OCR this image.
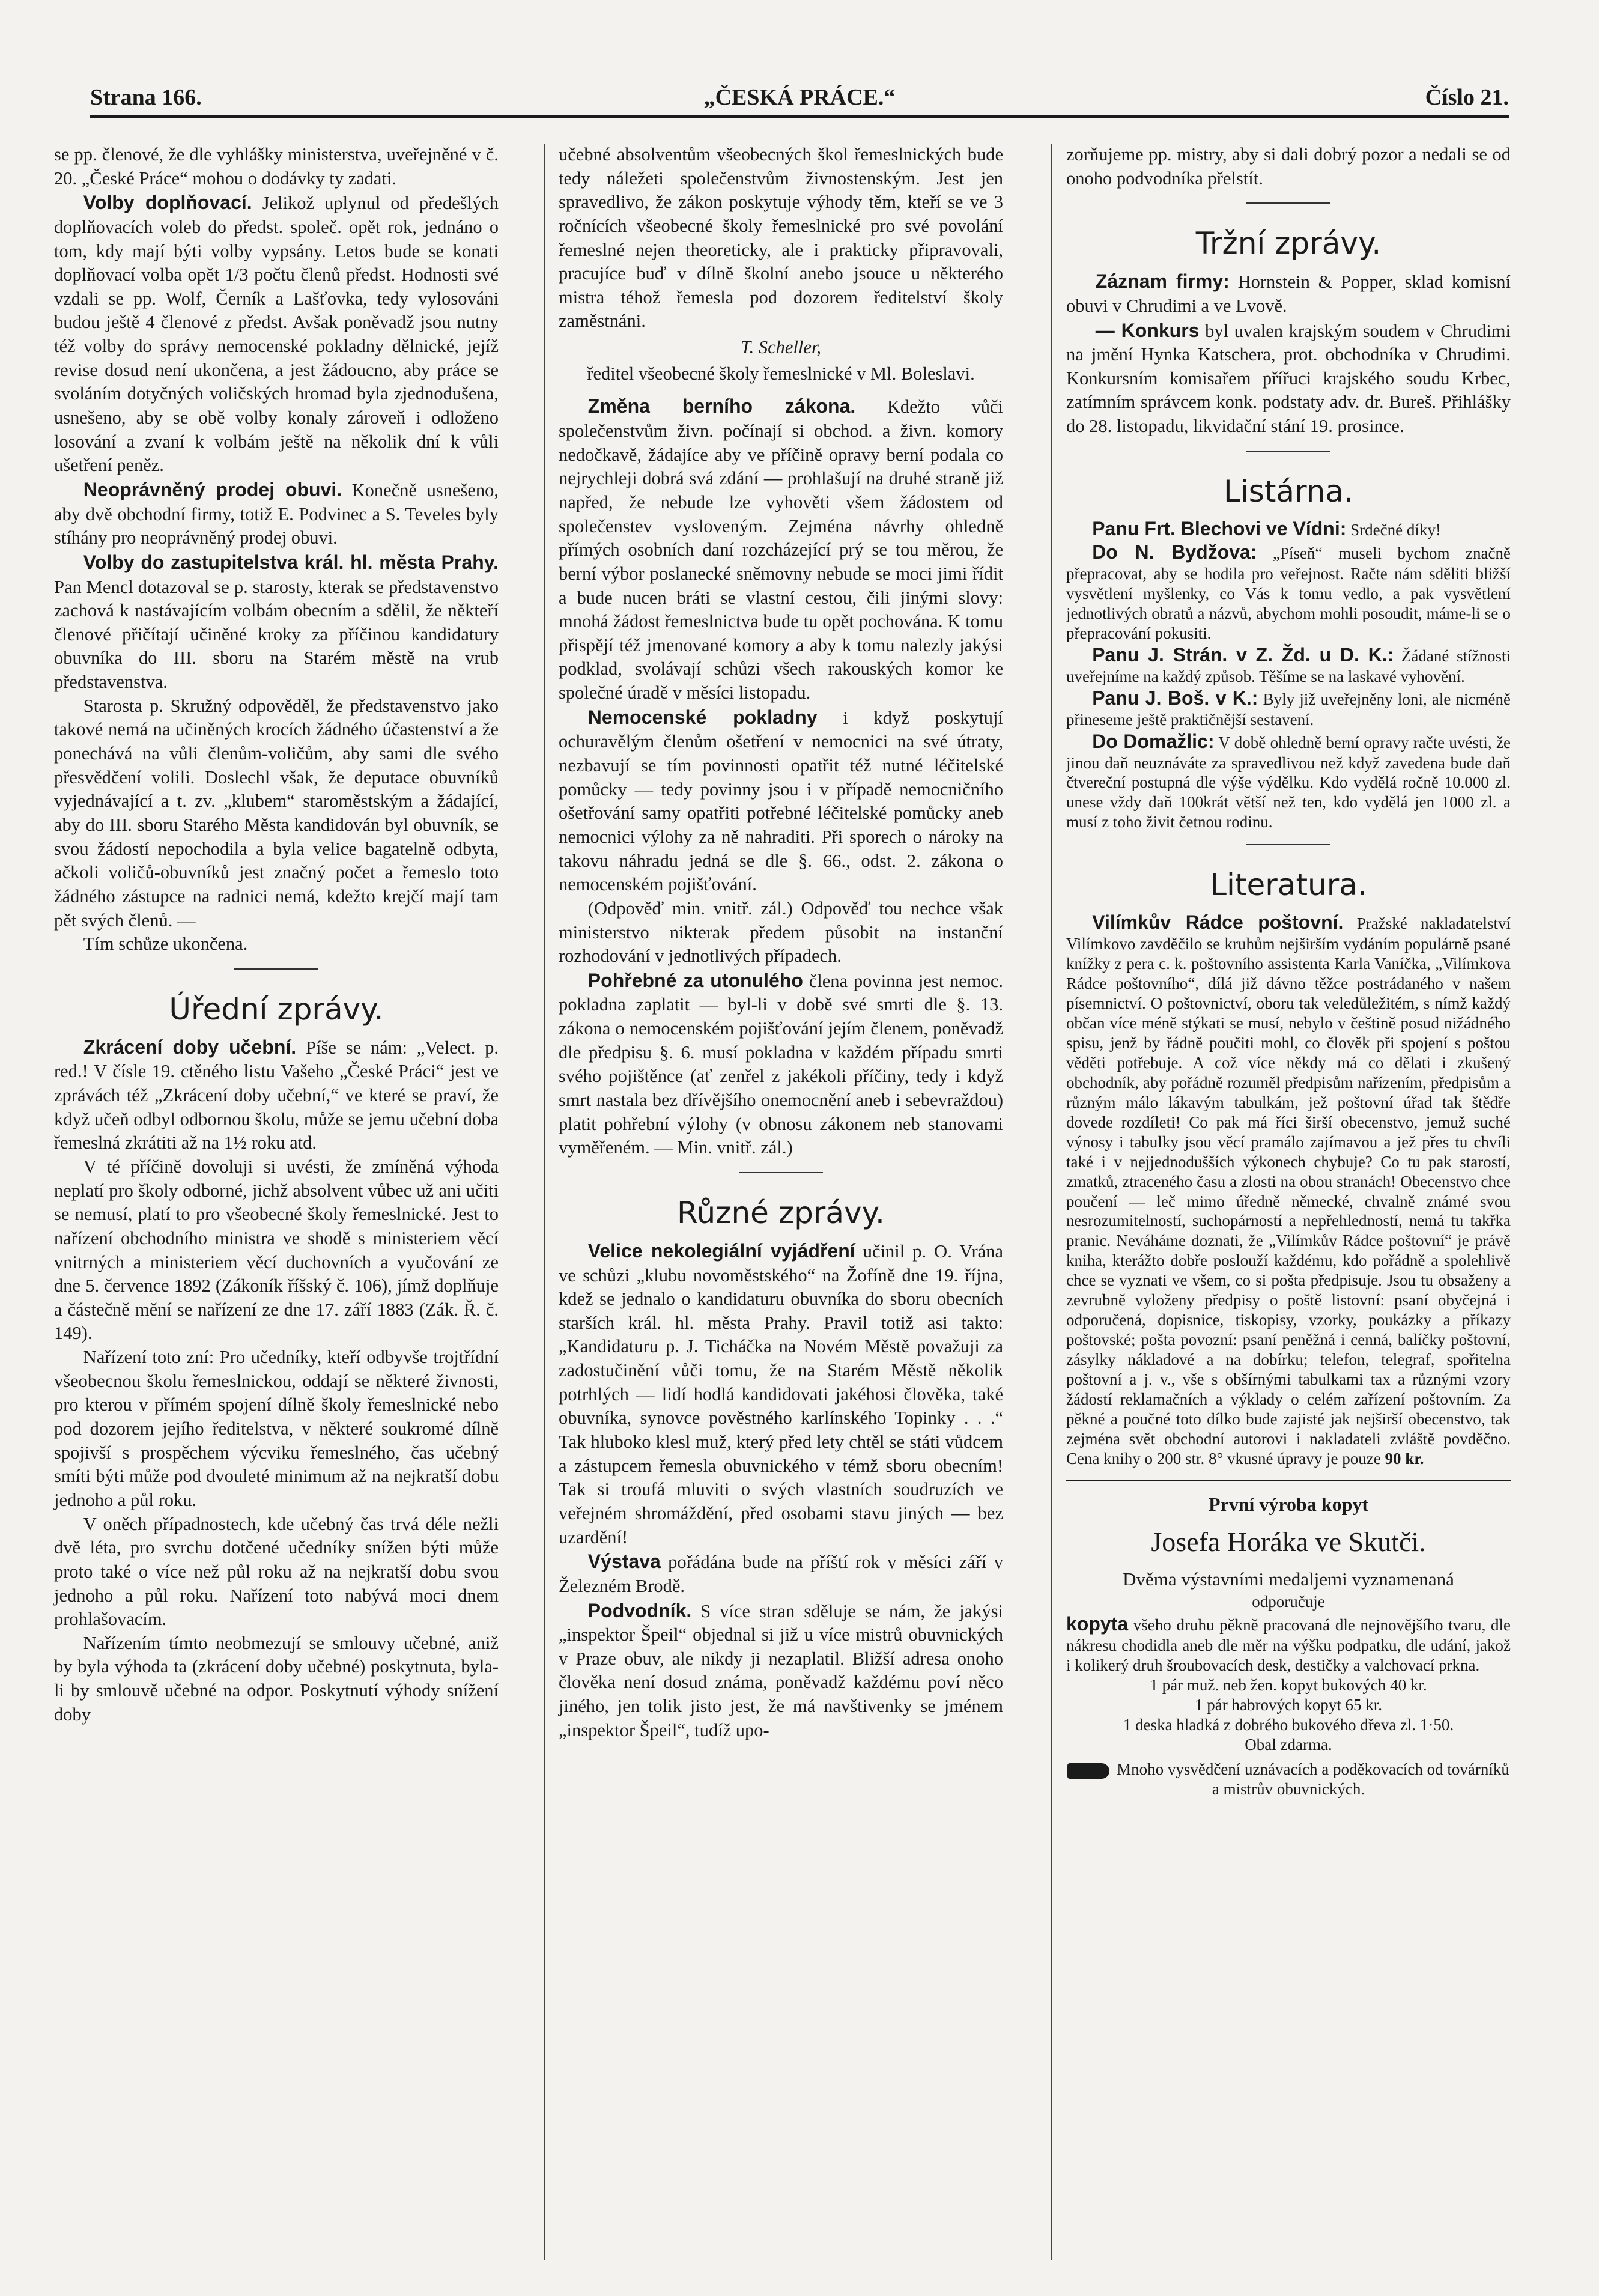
Strana 166.	„ČESKÁ PRÁCE.“	Číslo 21.

se pp. členové, že dle vyhlášky ministerstva, uveřejněné v č. 20. „České Práce“ mohou o dodávky ty zadati.

Volby doplňovací. Jelikož uplynul od předešlých doplňovacích voleb do předst. společ. opět rok, jednáno o tom, kdy mají býti volby vypsány. Letos bude se konati doplňovací volba opět 1/3 počtu členů předst. Hodnosti své vzdali se pp. Wolf, Černík a Lašťovka, tedy vylosováni budou ještě 4 členové z předst. Avšak poněvadž jsou nutny též volby do správy nemocenské pokladny dělnické, jejíž revise dosud není ukončena, a jest žádoucno, aby práce se svoláním dotyčných voličských hromad byla zjednodušena, usnešeno, aby se obě volby konaly zároveň i odloženo losování a zvaní k volbám ještě na několik dní k vůli ušetření peněz.

Neoprávněný prodej obuvi. Konečně usnešeno, aby dvě obchodní firmy, totiž E. Podvinec a S. Teveles byly stíhány pro neoprávněný prodej obuvi.

Volby do zastupitelstva král. hl. města Prahy. Pan Mencl dotazoval se p. starosty, kterak se představenstvo zachová k nastávajícím volbám obecním a sdělil, že někteří členové přičítají učiněné kroky za příčinou kandidatury obuvníka do III. sboru na Starém městě na vrub představenstva.

Starosta p. Skružný odpověděl, že představenstvo jako takové nemá na učiněných krocích žádného účastenství a že ponechává na vůli členům-voličům, aby sami dle svého přesvědčení volili. Doslechl však, že deputace obuvníků vyjednávající a t. zv. „klubem“ staroměstským a žádající, aby do III. sboru Starého Města kandidován byl obuvník, se svou žádostí nepochodila a byla velice bagatelně odbyta, ačkoli voličů-obuvníků jest značný počet a řemeslo toto žádného zástupce na radnici nemá, kdežto krejčí mají tam pět svých členů. —

Tím schůze ukončena.

Úřední zprávy.

Zkrácení doby učební. Píše se nám: „Velect. p. red.! V čísle 19. ctěného listu Vašeho „České Práci“ jest ve zprávách též „Zkrácení doby učební,“ ve které se praví, že když učeň odbyl odbornou školu, může se jemu učební doba řemeslná zkrátiti až na 1½ roku atd.

V té příčině dovoluji si uvésti, že zmíněná výhoda neplatí pro školy odborné, jichž absolvent vůbec už ani učiti se nemusí, platí to pro všeobecné školy řemeslnické. Jest to nařízení obchodního ministra ve shodě s ministeriem věcí vnitrných a ministeriem věcí duchovních a vyučování ze dne 5. července 1892 (Zákoník říšský č. 106), jímž doplňuje a částečně mění se nařízení ze dne 17. září 1883 (Zák. Ř. č. 149).

Nařízení toto zní: Pro učedníky, kteří odbyvše trojtřídní všeobecnou školu řemeslnickou, oddají se některé živnosti, pro kterou v přímém spojení dílně školy řemeslnické nebo pod dozorem jejího ředitelstva, v některé soukromé dílně spojivší s prospěchem výcviku řemeslného, čas učebný smíti býti může pod dvouleté minimum až na nejkratší dobu jednoho a půl roku.

V oněch případnostech, kde učebný čas trvá déle nežli dvě léta, pro svrchu dotčené učedníky snížen býti může proto také o více než půl roku až na nejkratší dobu svou jednoho a půl roku. Nařízení toto nabývá moci dnem prohlašovacím.

Nařízením tímto neobmezují se smlouvy učebné, aniž by byla výhoda ta (zkrácení doby učebné) poskytnuta, byla-li by smlouvě učebné na odpor. Poskytnutí výhody snížení doby

učebné absolventům všeobecných škol řemeslnických bude tedy náležeti společenstvům živnostenským. Jest jen spravedlivo, že zákon poskytuje výhody těm, kteří se ve 3 ročnících všeobecné školy řemeslnické pro své povolání řemeslné nejen theoreticky, ale i prakticky připravovali, pracujíce buď v dílně školní anebo jsouce u některého mistra téhož řemesla pod dozorem ředitelství školy zaměstnáni.

T. Scheller,
ředitel všeobecné školy řemeslnické v Ml. Boleslavi.

Změna berního zákona. Kdežto vůči společenstvům živn. počínají si obchod. a živn. komory nedočkavě, žádajíce aby ve příčině opravy berní podala co nejrychleji dobrá svá zdání — prohlašují na druhé straně již napřed, že nebude lze vyhověti všem žádostem od společenstev vysloveným. Zejména návrhy ohledně přímých osobních daní rozcházející prý se tou měrou, že berní výbor poslanecké sněmovny nebude se moci jimi řídit a bude nucen bráti se vlastní cestou, čili jinými slovy: mnohá žádost řemeslnictva bude tu opět pochována. K tomu přispějí též jmenované komory a aby k tomu nalezly jakýsi podklad, svolávají schůzi všech rakouských komor ke společné úradě v měsíci listopadu.

Nemocenské pokladny i když poskytují ochuravělým členům ošetření v nemocnici na své útraty, nezbavují se tím povinnosti opatřit též nutné léčitelské pomůcky — tedy povinny jsou i v případě nemocničního ošetřování samy opatřiti potřebné léčitelské pomůcky aneb nemocnici výlohy za ně nahraditi. Při sporech o nároky na takovu náhradu jedná se dle §. 66., odst. 2. zákona o nemocenském pojišťování.

(Odpověď min. vnitř. zál.) Odpověď tou nechce však ministerstvo nikterak předem působit na instanční rozhodování v jednotlivých případech.

Pohřebné za utonulého člena povinna jest nemoc. pokladna zaplatit — byl-li v době své smrti dle §. 13. zákona o nemocenském pojišťování jejím členem, poněvadž dle předpisu §. 6. musí pokladna v každém případu smrti svého pojištěnce (ať zenřel z jakékoli příčiny, tedy i když smrt nastala bez dřívějšího onemocnění aneb i sebevraždou) platit pohřební výlohy (v obnosu zákonem neb stanovami vyměřeném. — Min. vnitř. zál.)

Různé zprávy.

Velice nekolegiální vyjádření učinil p. O. Vrána ve schůzi „klubu novoměstského“ na Žofíně dne 19. října, kdež se jednalo o kandidaturu obuvníka do sboru obecních starších král. hl. města Prahy. Pravil totiž asi takto: „Kandidaturu p. J. Ticháčka na Novém Městě považuji za zadostučinění vůči tomu, že na Starém Městě několik potrhlých — lidí hodlá kandidovati jakéhosi člověka, také obuvníka, synovce pověstného karlínského Topinky . . .“ Tak hluboko klesl muž, který před lety chtěl se státi vůdcem a zástupcem řemesla obuvnického v témž sboru obecním! Tak si troufá mluviti o svých vlastních soudruzích ve veřejném shromáždění, před osobami stavu jiných — bez uzardění!

Výstava pořádána bude na příští rok v měsíci září v Železném Brodě.

Podvodník. S více stran sděluje se nám, že jakýsi „inspektor Špeil“ objednal si již u více mistrů obuvnických v Praze obuv, ale nikdy ji nezaplatil. Bližší adresa onoho člověka není dosud známa, poněvadž každému poví něco jiného, jen tolik jisto jest, že má navštivenky se jménem „inspektor Špeil“, tudíž upo-

zorňujeme pp. mistry, aby si dali dobrý pozor a nedali se od onoho podvodníka přelstít.

Tržní zprávy.

Záznam firmy: Hornstein & Popper, sklad komisní obuvi v Chrudimi a ve Lvově.

— Konkurs byl uvalen krajským soudem v Chrudimi na jmění Hynka Katschera, prot. obchodníka v Chrudimi. Konkursním komisařem přířuci krajského soudu Krbec, zatímním správcem konk. podstaty adv. dr. Bureš. Přihlášky do 28. listopadu, likvidační stání 19. prosince.

Listárna.

Panu Frt. Blechovi ve Vídni: Srdečné díky!

Do N. Bydžova: „Píseň“ museli bychom značně přepracovat, aby se hodila pro veřejnost. Račte nám sděliti bližší vysvětlení myšlenky, co Vás k tomu vedlo, a pak vysvětlení jednotlivých obratů a názvů, abychom mohli posoudit, máme-li se o přepracování pokusiti.

Panu J. Strán. v Z. Žd. u D. K.: Žádané stížnosti uveřejníme na každý způsob. Těšíme se na laskavé vyhovění.

Panu J. Boš. v K.: Byly již uveřejněny loni, ale nicméně přineseme ještě praktičnější sestavení.

Do Domažlic: V době ohledně berní opravy račte uvésti, že jinou daň neuznáváte za spravedlivou než když zavedena bude daň čtvereční postupná dle výše výdělku. Kdo vydělá ročně 10.000 zl. unese vždy daň 100krát větší než ten, kdo vydělá jen 1000 zl. a musí z toho živit četnou rodinu.

Literatura.

Vilímkův Rádce poštovní. Pražské nakladatelství Vilímkovo zavděčilo se kruhům nejširším vydáním populárně psané knížky z pera c. k. poštovního assistenta Karla Vaníčka, „Vilímkova Rádce poštovního“, dílá již dávno těžce postrádaného v našem písemnictví. O poštovnictví, oboru tak veledůležitém, s nímž každý občan více méně stýkati se musí, nebylo v češtině posud nižádného spisu, jenž by řádně poučiti mohl, co člověk při spojení s poštou věděti potřebuje. A což více někdy má co dělati i zkušený obchodník, aby pořádně rozuměl předpisům nařízením, předpisům a různým málo lákavým tabulkám, jež poštovní úřad tak štědře dovede rozdíleti! Co pak má říci širší obecenstvo, jemuž suché výnosy i tabulky jsou věcí pramálo zajímavou a jež přes tu chvíli také i v nejjednodušších výkonech chybuje? Co tu pak starostí, zmatků, ztraceného času a zlosti na obou stranách! Obecenstvo chce poučení — leč mimo úředně německé, chvalně známé svou nesrozumitelností, suchopárností a nepřehledností, nemá tu takřka pranic. Neváháme doznati, že „Vilímkův Rádce poštovní“ je právě kniha, kterážto dobře poslouží každému, kdo pořádně a spolehlivě chce se vyznati ve všem, co si pošta předpisuje. Jsou tu obsaženy a zevrubně vyloženy předpisy o poště listovní: psaní obyčejná i odporučená, dopisnice, tiskopisy, vzorky, poukázky a příkazy poštovské; pošta povozní: psaní peněžná i cenná, balíčky poštovní, zásylky nákladové a na dobírku; telefon, telegraf, spořitelna poštovní a j. v., vše s obšírnými tabulkami tax a různými vzory žádostí reklamačních a výklady o celém zařízení poštovním. Za pěkné a poučné toto dílko bude zajisté jak nejširší obecenstvo, tak zejména svět obchodní autorovi i nakladateli zvláště povděčno. Cena knihy o 200 str. 8° vkusné úpravy je pouze 90 kr.

První výroba kopyt
Josefa Horáka ve Skutči.
Dvěma výstavními medaljemi vyznamenaná
odporučuje

kopyta všeho druhu pěkně pracovaná dle nejnovějšího tvaru, dle nákresu chodidla aneb dle měr na výšku podpatku, dle udání, jakož i kolikerý druh šroubovacích desk, destičky a valchovací prkna.

1 pár muž. neb žen. kopyt bukových 40 kr.
1 pár habrových kopyt 65 kr.
1 deska hladká z dobrého bukového dřeva zl. 1·50.
Obal zdarma.
Mnoho vysvědčení uznávacích a poděkovacích od továrníků a mistrův obuvnických.
